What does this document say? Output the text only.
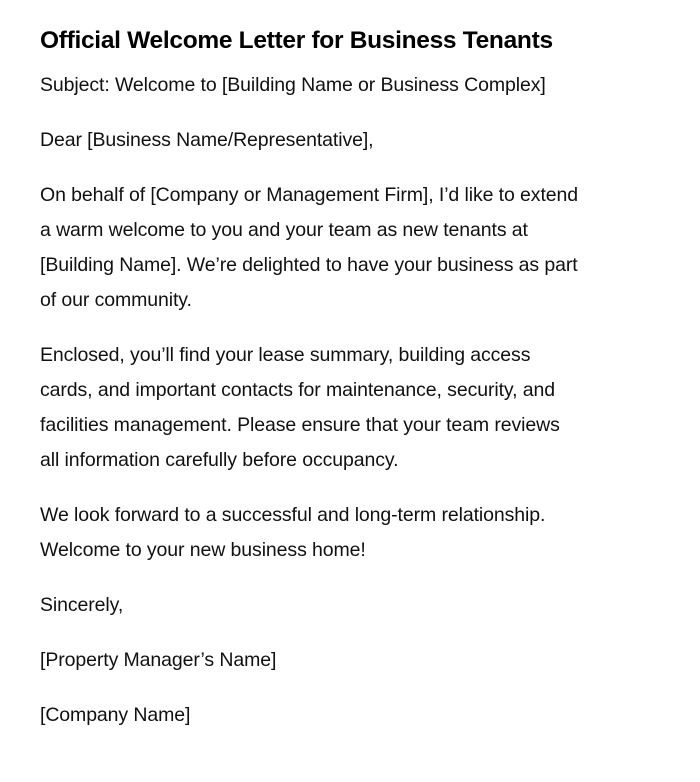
Official Welcome Letter for Business Tenants

Subject: Welcome to [Building Name or Business Complex]

Dear [Business Name/Representative],

On behalf of [Company or Management Firm], I’d like to extend
a warm welcome to you and your team as new tenants at
[Building Name]. We’re delighted to have your business as part
of our community.

Enclosed, you’ll find your lease summary, building access
cards, and important contacts for maintenance, security, and
facilities management. Please ensure that your team reviews
all information carefully before occupancy.

We look forward to a successful and long-term relationship.
Welcome to your new business home!

Sincerely,

[Property Manager’s Name]

[Company Name]
